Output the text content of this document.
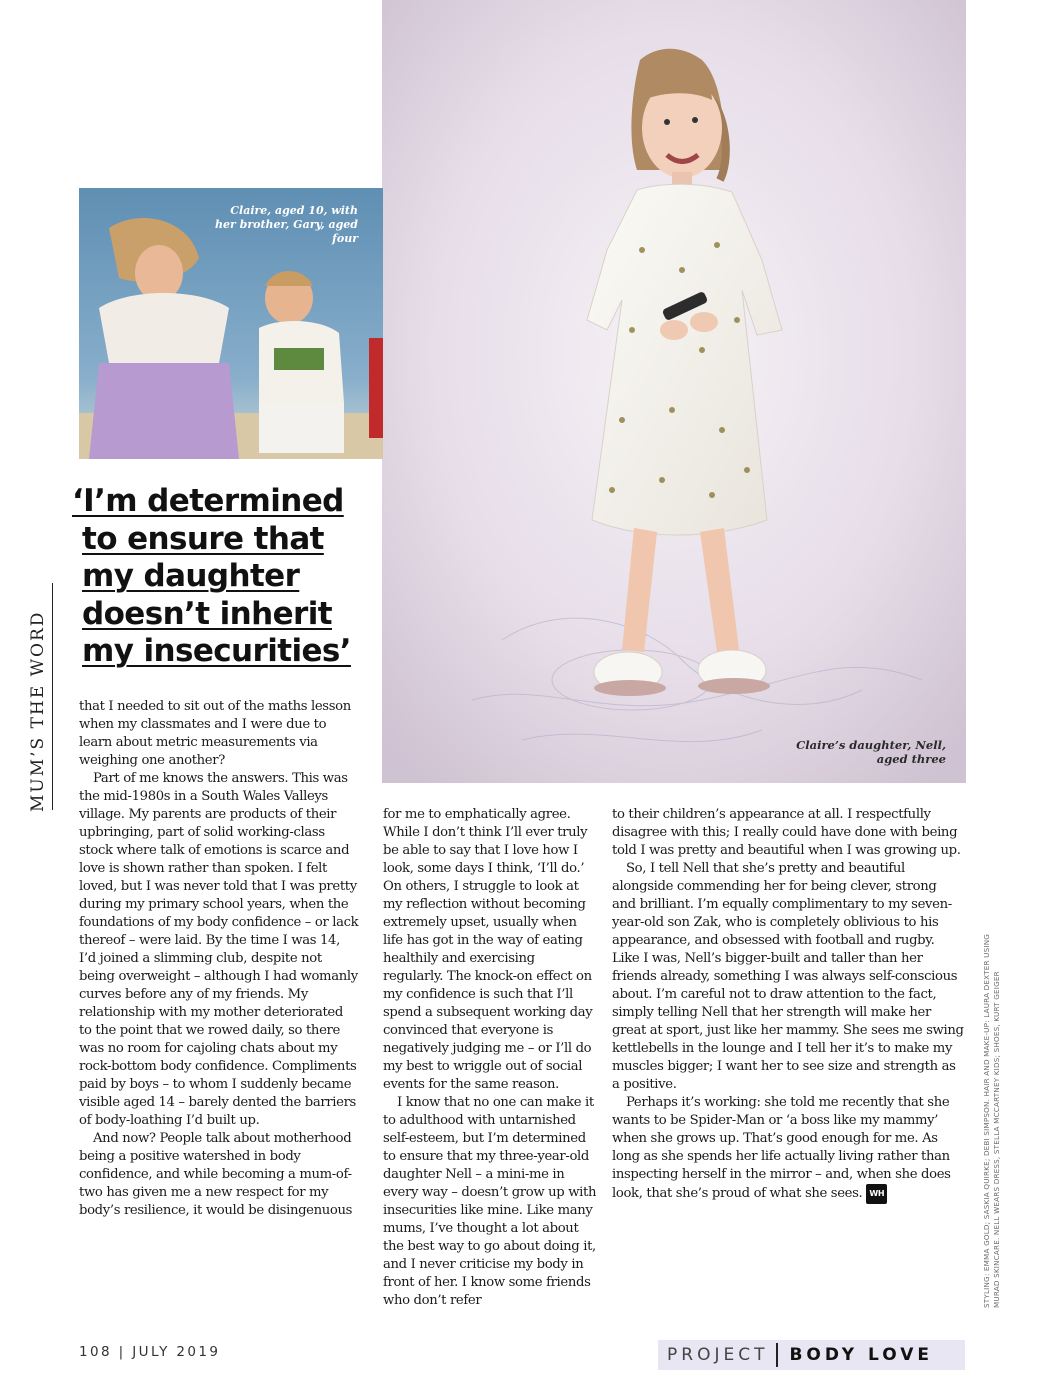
Claire’s daughter, Nell, aged three
Claire, aged 10, with her brother, Gary, aged four
MUM’S THE WORD
‘I’m determined
to ensure that
my daughter
doesn’t inherit
my insecurities’

that I needed to sit out of the maths lesson when my classmates and I were due to learn about metric measurements via weighing one another?

Part of me knows the answers. This was the mid-1980s in a South Wales Valleys village. My parents are products of their upbringing, part of solid working-class stock where talk of emotions is scarce and love is shown rather than spoken. I felt loved, but I was never told that I was pretty during my primary school years, when the foundations of my body confidence – or lack thereof – were laid. By the time I was 14, I’d joined a slimming club, despite not being overweight – although I had womanly curves before any of my friends. My relationship with my mother deteriorated to the point that we rowed daily, so there was no room for cajoling chats about my rock-bottom body confidence. Compliments paid by boys – to whom I suddenly became visible aged 14 – barely dented the barriers of body-loathing I’d built up.

And now? People talk about motherhood being a positive watershed in body confidence, and while becoming a mum-of-two has given me a new respect for my body’s resilience, it would be disingenuous

for me to emphatically agree. While I don’t think I’ll ever truly be able to say that I love how I look, some days I think, ‘I’ll do.’ On others, I struggle to look at my reflection without becoming extremely upset, usually when life has got in the way of eating healthily and exercising regularly. The knock-on effect on my confidence is such that I’ll spend a subsequent working day convinced that everyone is negatively judging me – or I’ll do my best to wriggle out of social events for the same reason.

I know that no one can make it to adulthood with untarnished self-esteem, but I’m determined to ensure that my three-year-old daughter Nell – a mini-me in every way – doesn’t grow up with insecurities like mine. Like many mums, I’ve thought a lot about the best way to go about doing it, and I never criticise my body in front of her. I know some friends who don’t refer

to their children’s appearance at all. I respectfully disagree with this; I really could have done with being told I was pretty and beautiful when I was growing up.

So, I tell Nell that she’s pretty and beautiful alongside commending her for being clever, strong and brilliant. I’m equally complimentary to my seven-year-old son Zak, who is completely oblivious to his appearance, and obsessed with football and rugby. Like I was, Nell’s bigger-built and taller than her friends already, something I was always self-conscious about. I’m careful not to draw attention to the fact, simply telling Nell that her strength will make her great at sport, just like her mammy. She sees me swing kettlebells in the lounge and I tell her it’s to make my muscles bigger; I want her to see size and strength as a positive.

Perhaps it’s working: she told me recently that she wants to be Spider-Man or ‘a boss like my mammy’ when she grows up. That’s good enough for me. As long as she spends her life actually living rather than inspecting herself in the mirror – and, when she does look, that she’s proud of what she sees. WH	STYLING: EMMA GOLD; SASKIA QUIRKE; DEBI SIMPSON. HAIR AND MAKE-UP: LAURA DEXTER USING MURAD SKINCARE. NELL WEARS DRESS, STELLA MCCARTNEY KIDS; SHOES, KURT GEIGER
108 | JULY 2019	PROJECT BODY LOVE
